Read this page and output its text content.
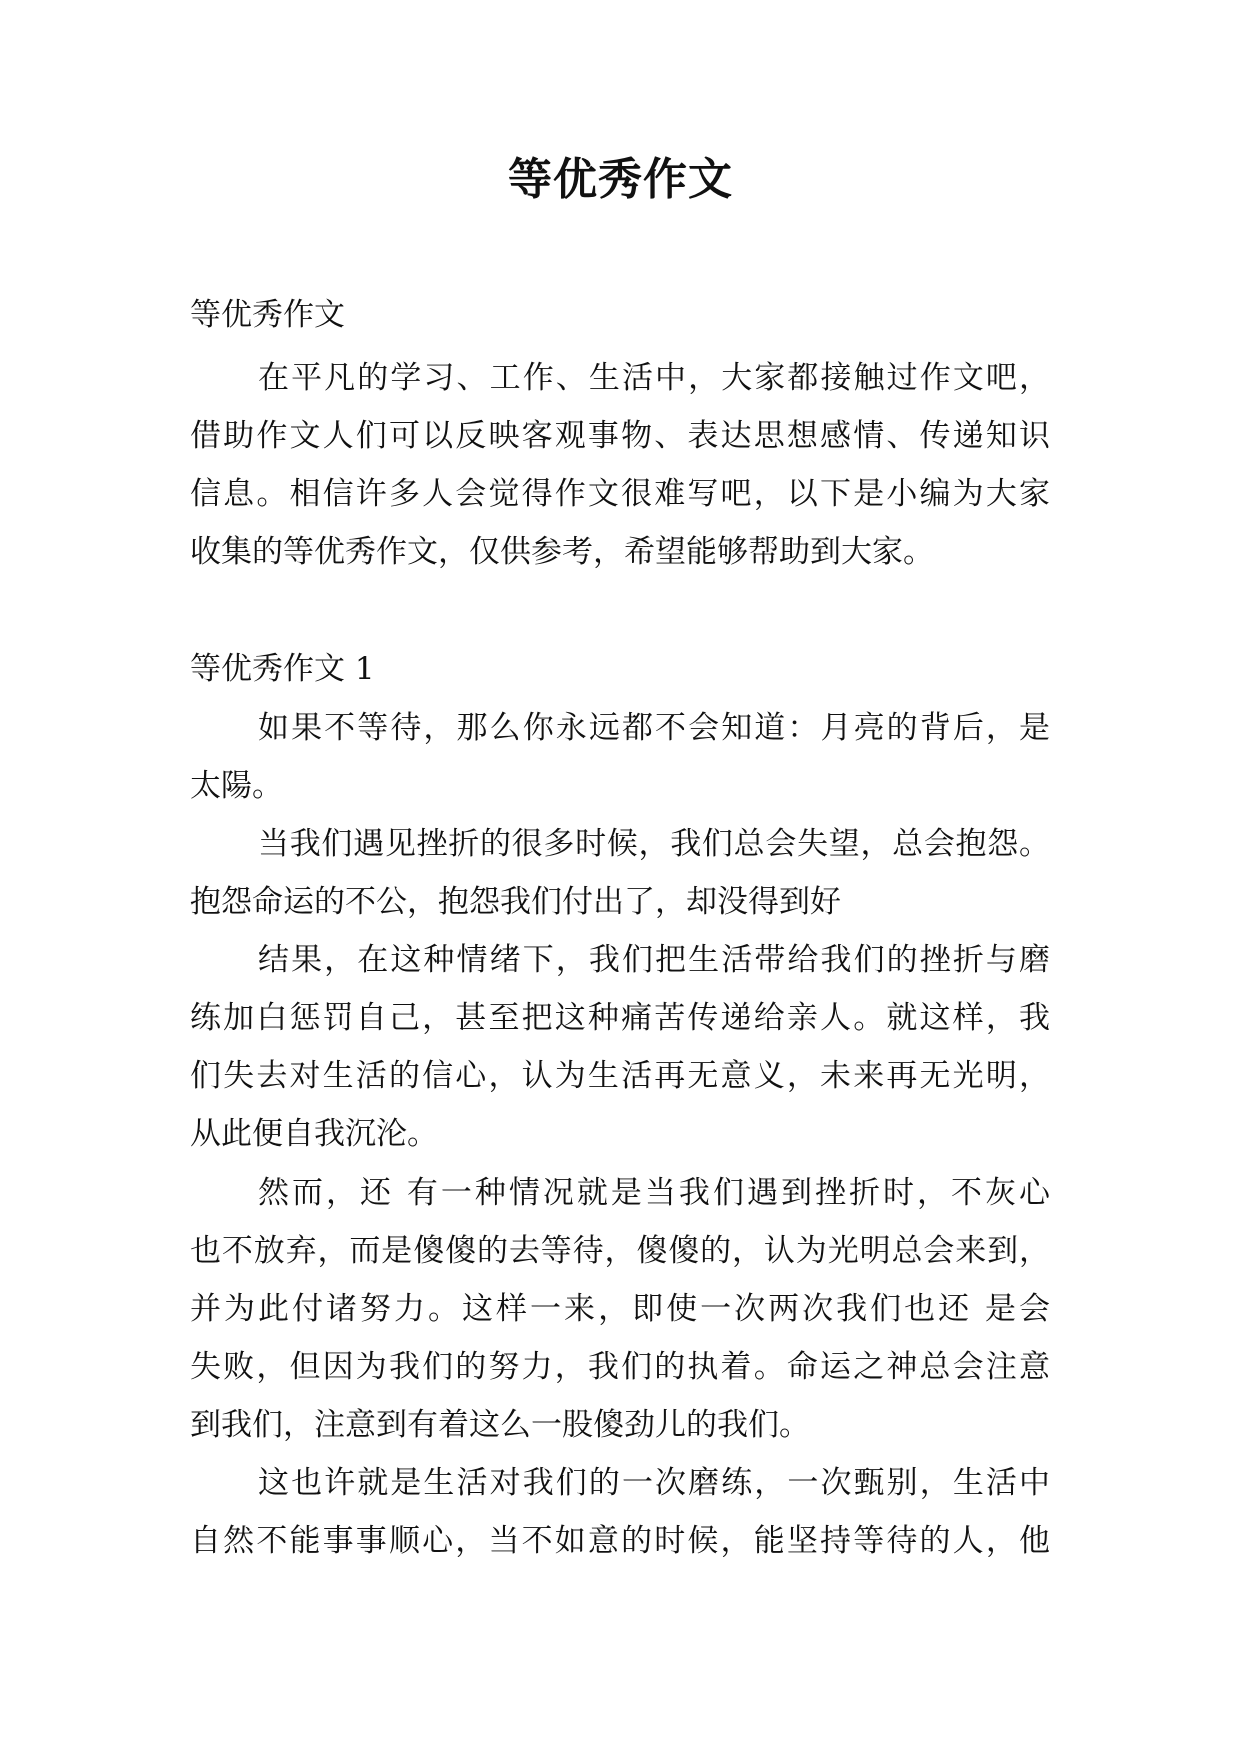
等优秀作文
等优秀作文
在平凡的学习、工作、生活中，大家都接触过作文吧，
借助作文人们可以反映客观事物、表达思想感情、传递知识
信息。相信许多人会觉得作文很难写吧，以下是小编为大家
收集的等优秀作文，仅供参考，希望能够帮助到大家。
等优秀作文 1
如果不等待，那么你永远都不会知道：月亮的背后，是
太陽。
当我们遇见挫折的很多时候，我们总会失望，总会抱怨。
抱怨命运的不公，抱怨我们付出了，却没得到好
结果，在这种情绪下，我们把生活带给我们的挫折与磨
练加白惩罚自己，甚至把这种痛苦传递给亲人。就这样，我
们失去对生活的信心，认为生活再无意义，未来再无光明，
从此便自我沉沦。
然而，还 有一种情况就是当我们遇到挫折时，不灰心
也不放弃，而是傻傻的去等待，傻傻的，认为光明总会来到，
并为此付诸努力。这样一来，即使一次两次我们也还 是会
失败，但因为我们的努力，我们的执着。命运之神总会注意
到我们，注意到有着这么一股傻劲儿的我们。
这也许就是生活对我们的一次磨练，一次甄别，生活中
自然不能事事顺心，当不如意的时候，能坚持等待的人，他
